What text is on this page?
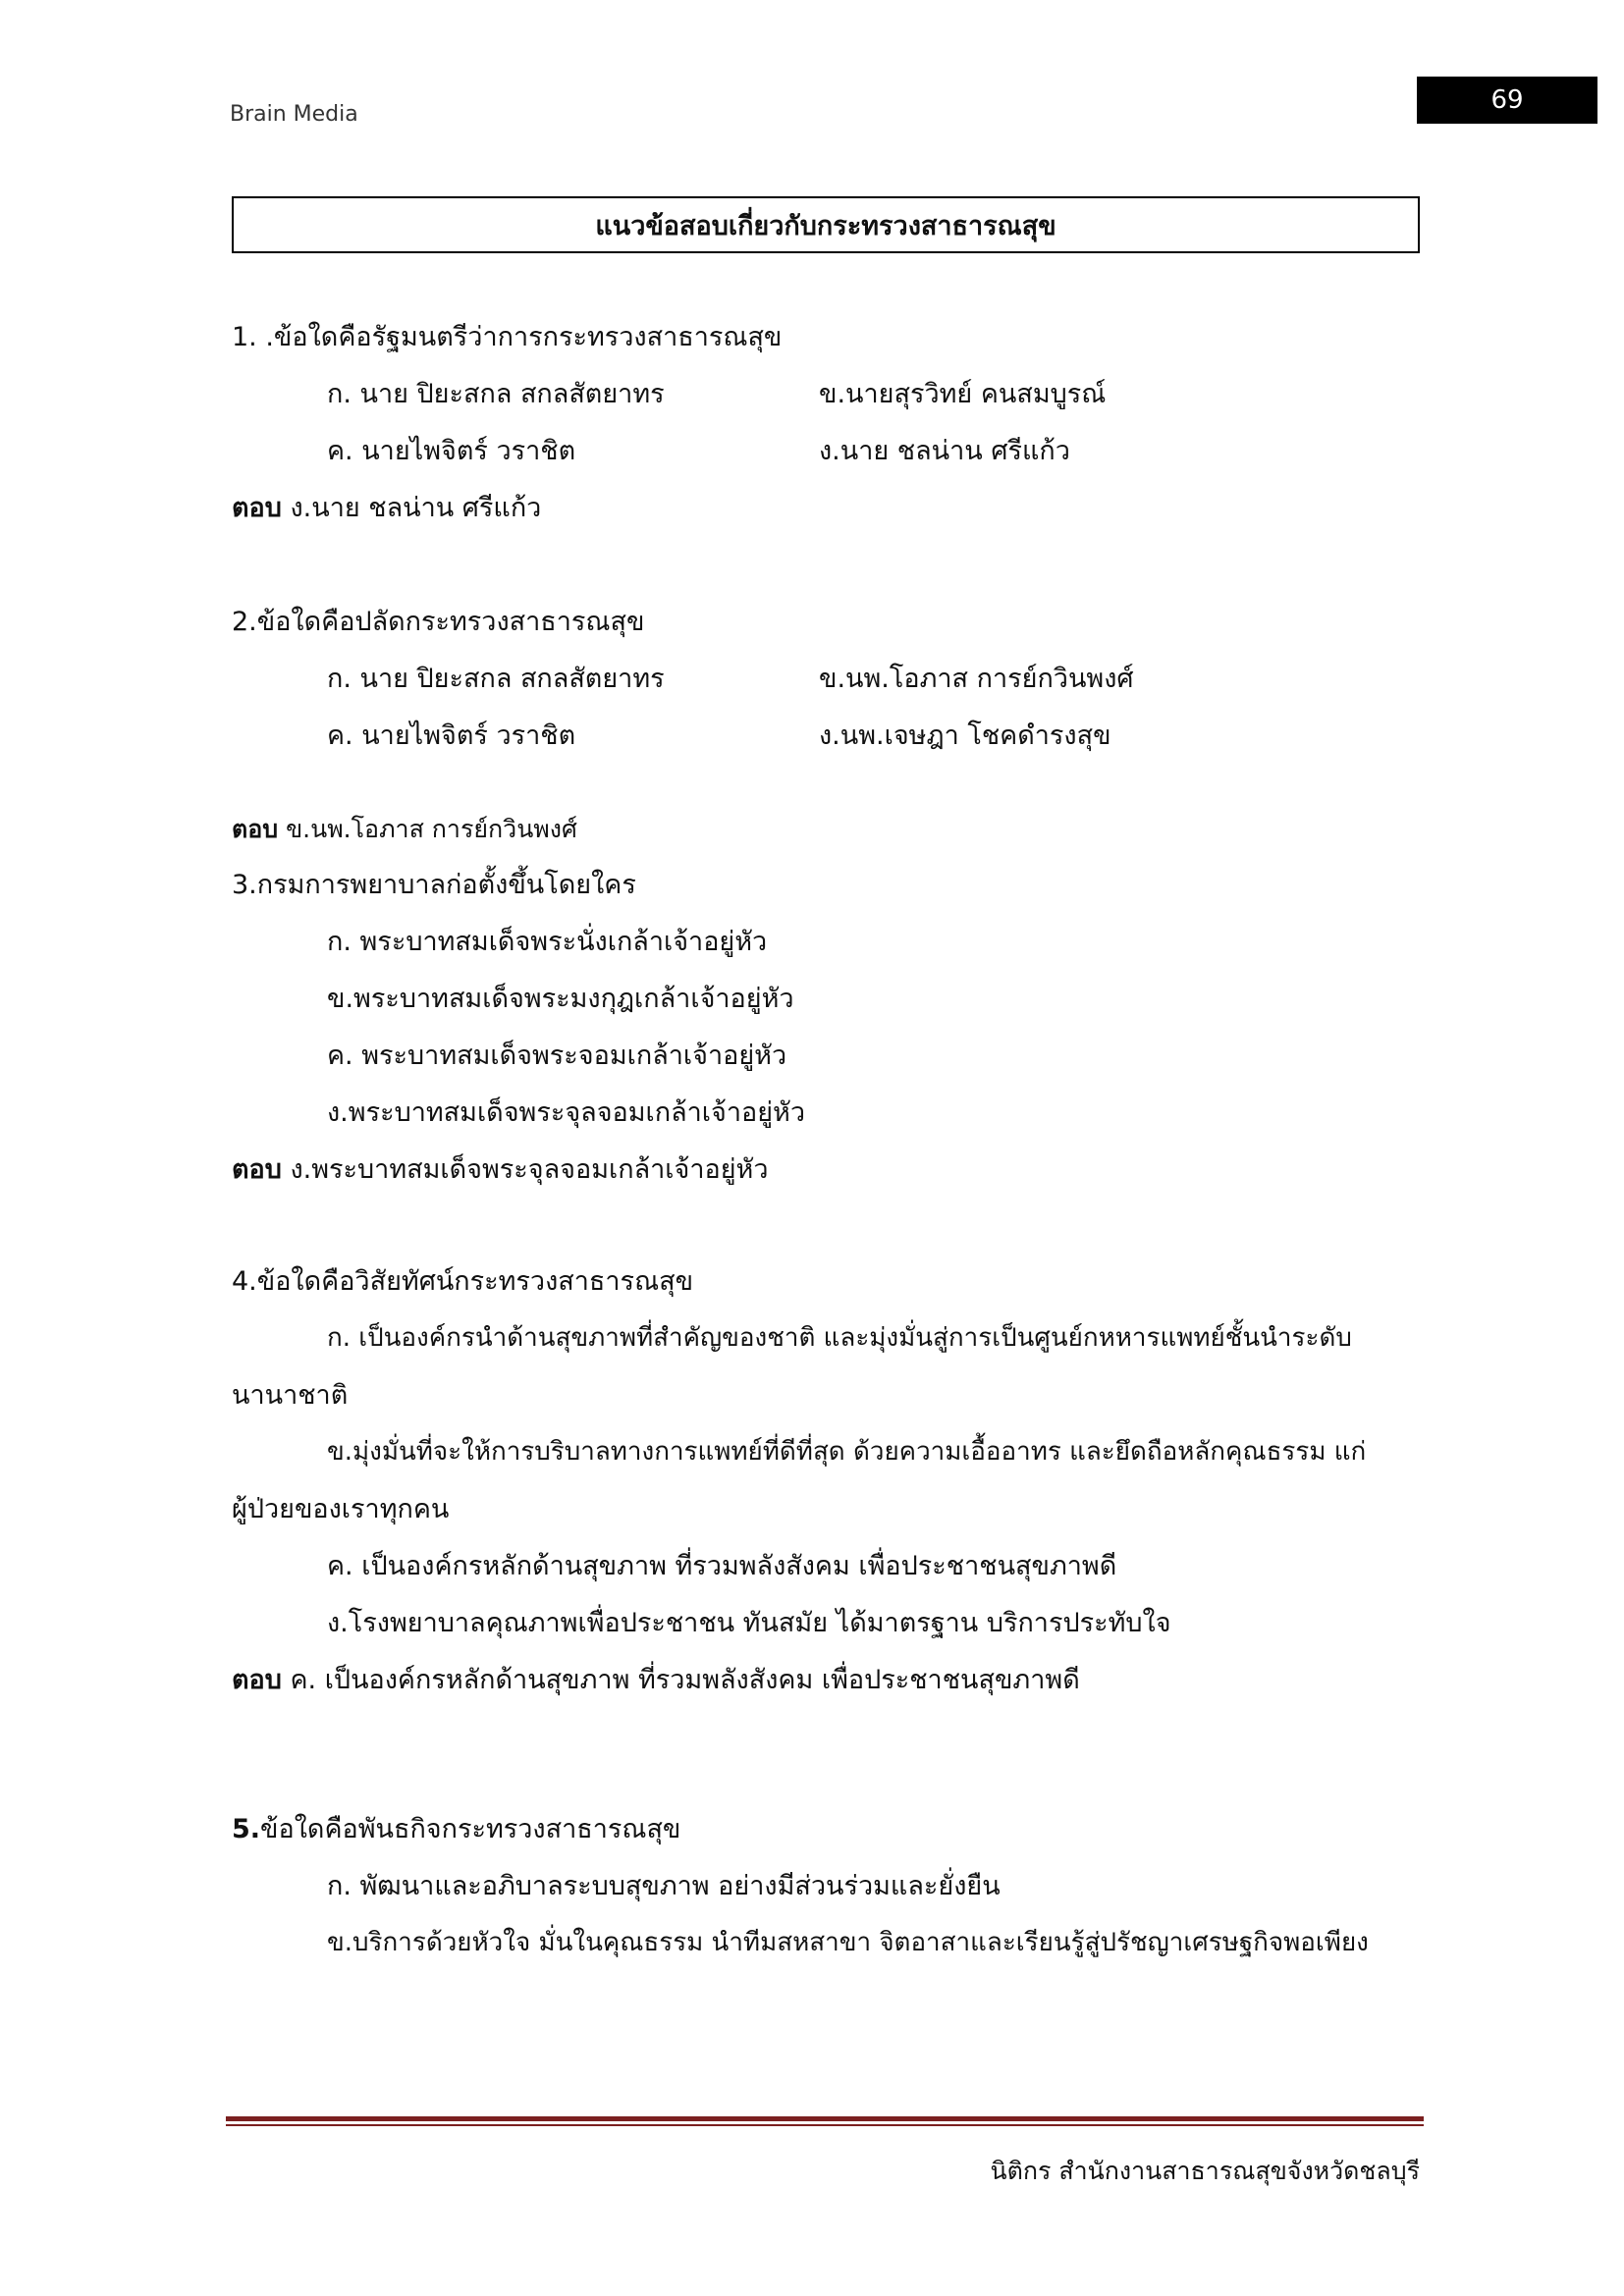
Brain Media	69
แนวข้อสอบเกี่ยวกับกระทรวงสาธารณสุข
1. .ข้อใดคือรัฐมนตรีว่าการกระทรวงสาธารณสุข
ก. นาย ปิยะสกล สกลสัตยาทร	ข.นายสุรวิทย์ คนสมบูรณ์
ค. นายไพจิตร์ วราชิต	ง.นาย ชลน่าน ศรีแก้ว
ตอบ ง.นาย ชลน่าน ศรีแก้ว
2.ข้อใดคือปลัดกระทรวงสาธารณสุข
ก. นาย ปิยะสกล สกลสัตยาทร	ข.นพ.โอภาส การย์กวินพงศ์
ค. นายไพจิตร์ วราชิต	ง.นพ.เจษฎา โชคดำรงสุข
ตอบ ข.นพ.โอภาส การย์กวินพงศ์
3.กรมการพยาบาลก่อตั้งขึ้นโดยใคร
ก. พระบาทสมเด็จพระนั่งเกล้าเจ้าอยู่หัว
ข.พระบาทสมเด็จพระมงกุฎเกล้าเจ้าอยู่หัว
ค. พระบาทสมเด็จพระจอมเกล้าเจ้าอยู่หัว
ง.พระบาทสมเด็จพระจุลจอมเกล้าเจ้าอยู่หัว
ตอบ ง.พระบาทสมเด็จพระจุลจอมเกล้าเจ้าอยู่หัว
4.ข้อใดคือวิสัยทัศน์กระทรวงสาธารณสุข
ก. เป็นองค์กรนำด้านสุขภาพที่สำคัญของชาติ และมุ่งมั่นสู่การเป็นศูนย์กหหารแพทย์ชั้นนำระดับ
นานาชาติ
ข.มุ่งมั่นที่จะให้การบริบาลทางการแพทย์ที่ดีที่สุด ด้วยความเอื้ออาทร และยึดถือหลักคุณธรรม แก่
ผู้ป่วยของเราทุกคน
ค. เป็นองค์กรหลักด้านสุขภาพ ที่รวมพลังสังคม เพื่อประชาชนสุขภาพดี
ง.โรงพยาบาลคุณภาพเพื่อประชาชน ทันสมัย ได้มาตรฐาน บริการประทับใจ
ตอบ ค. เป็นองค์กรหลักด้านสุขภาพ ที่รวมพลังสังคม เพื่อประชาชนสุขภาพดี
5.ข้อใดคือพันธกิจกระทรวงสาธารณสุข
ก. พัฒนาและอภิบาลระบบสุขภาพ อย่างมีส่วนร่วมและยั่งยืน
ข.บริการด้วยหัวใจ มั่นในคุณธรรม นำทีมสหสาขา จิตอาสาและเรียนรู้สู่ปรัชญาเศรษฐกิจพอเพียง
นิติกร สำนักงานสาธารณสุขจังหวัดชลบุรี
